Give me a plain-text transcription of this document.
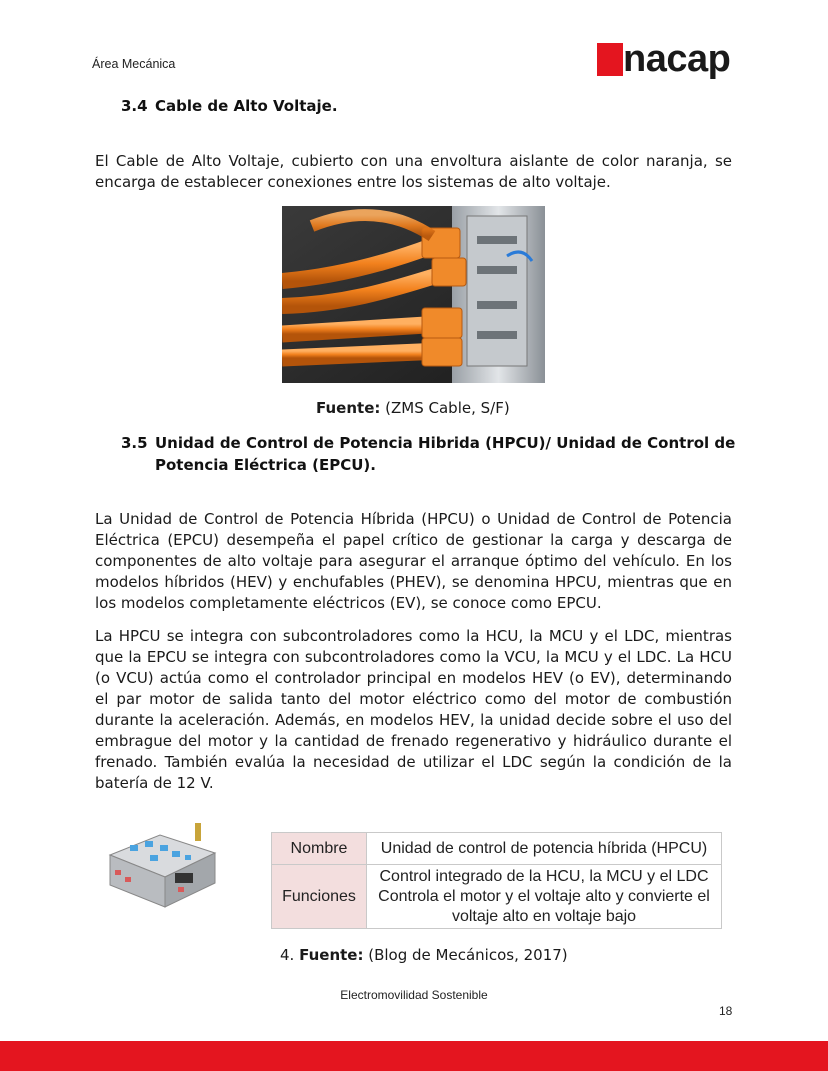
Área Mecánica	nacap
3.4 Cable de Alto Voltaje.
El Cable de Alto Voltaje, cubierto con una envoltura aislante de color naranja, se encarga de establecer conexiones entre los sistemas de alto voltaje.
Fuente: (ZMS Cable, S/F)
3.5 Unidad de Control de Potencia Hibrida (HPCU)/ Unidad de Control de Potencia Eléctrica (EPCU).
La Unidad de Control de Potencia Híbrida (HPCU) o Unidad de Control de Potencia Eléctrica (EPCU) desempeña el papel crítico de gestionar la carga y descarga de componentes de alto voltaje para asegurar el arranque óptimo del vehículo. En los modelos híbridos (HEV) y enchufables (PHEV), se denomina HPCU, mientras que en los modelos completamente eléctricos (EV), se conoce como EPCU.
La HPCU se integra con subcontroladores como la HCU, la MCU y el LDC, mientras que la EPCU se integra con subcontroladores como la VCU, la MCU y el LDC. La HCU (o VCU) actúa como el controlador principal en modelos HEV (o EV), determinando el par motor de salida tanto del motor eléctrico como del motor de combustión durante la aceleración. Además, en modelos HEV, la unidad decide sobre el uso del embrague del motor y la cantidad de frenado regenerativo y hidráulico durante el frenado. También evalúa la necesidad de utilizar el LDC según la condición de la batería de 12 V.
Nombre	Unidad de control de potencia híbrida (HPCU)
Funciones	Control integrado de la HCU, la MCU y el LDC
Controla el motor y el voltaje alto y convierte el
voltaje alto en voltaje bajo
4. Fuente: (Blog de Mecánicos, 2017)
Electromovilidad Sostenible
18
